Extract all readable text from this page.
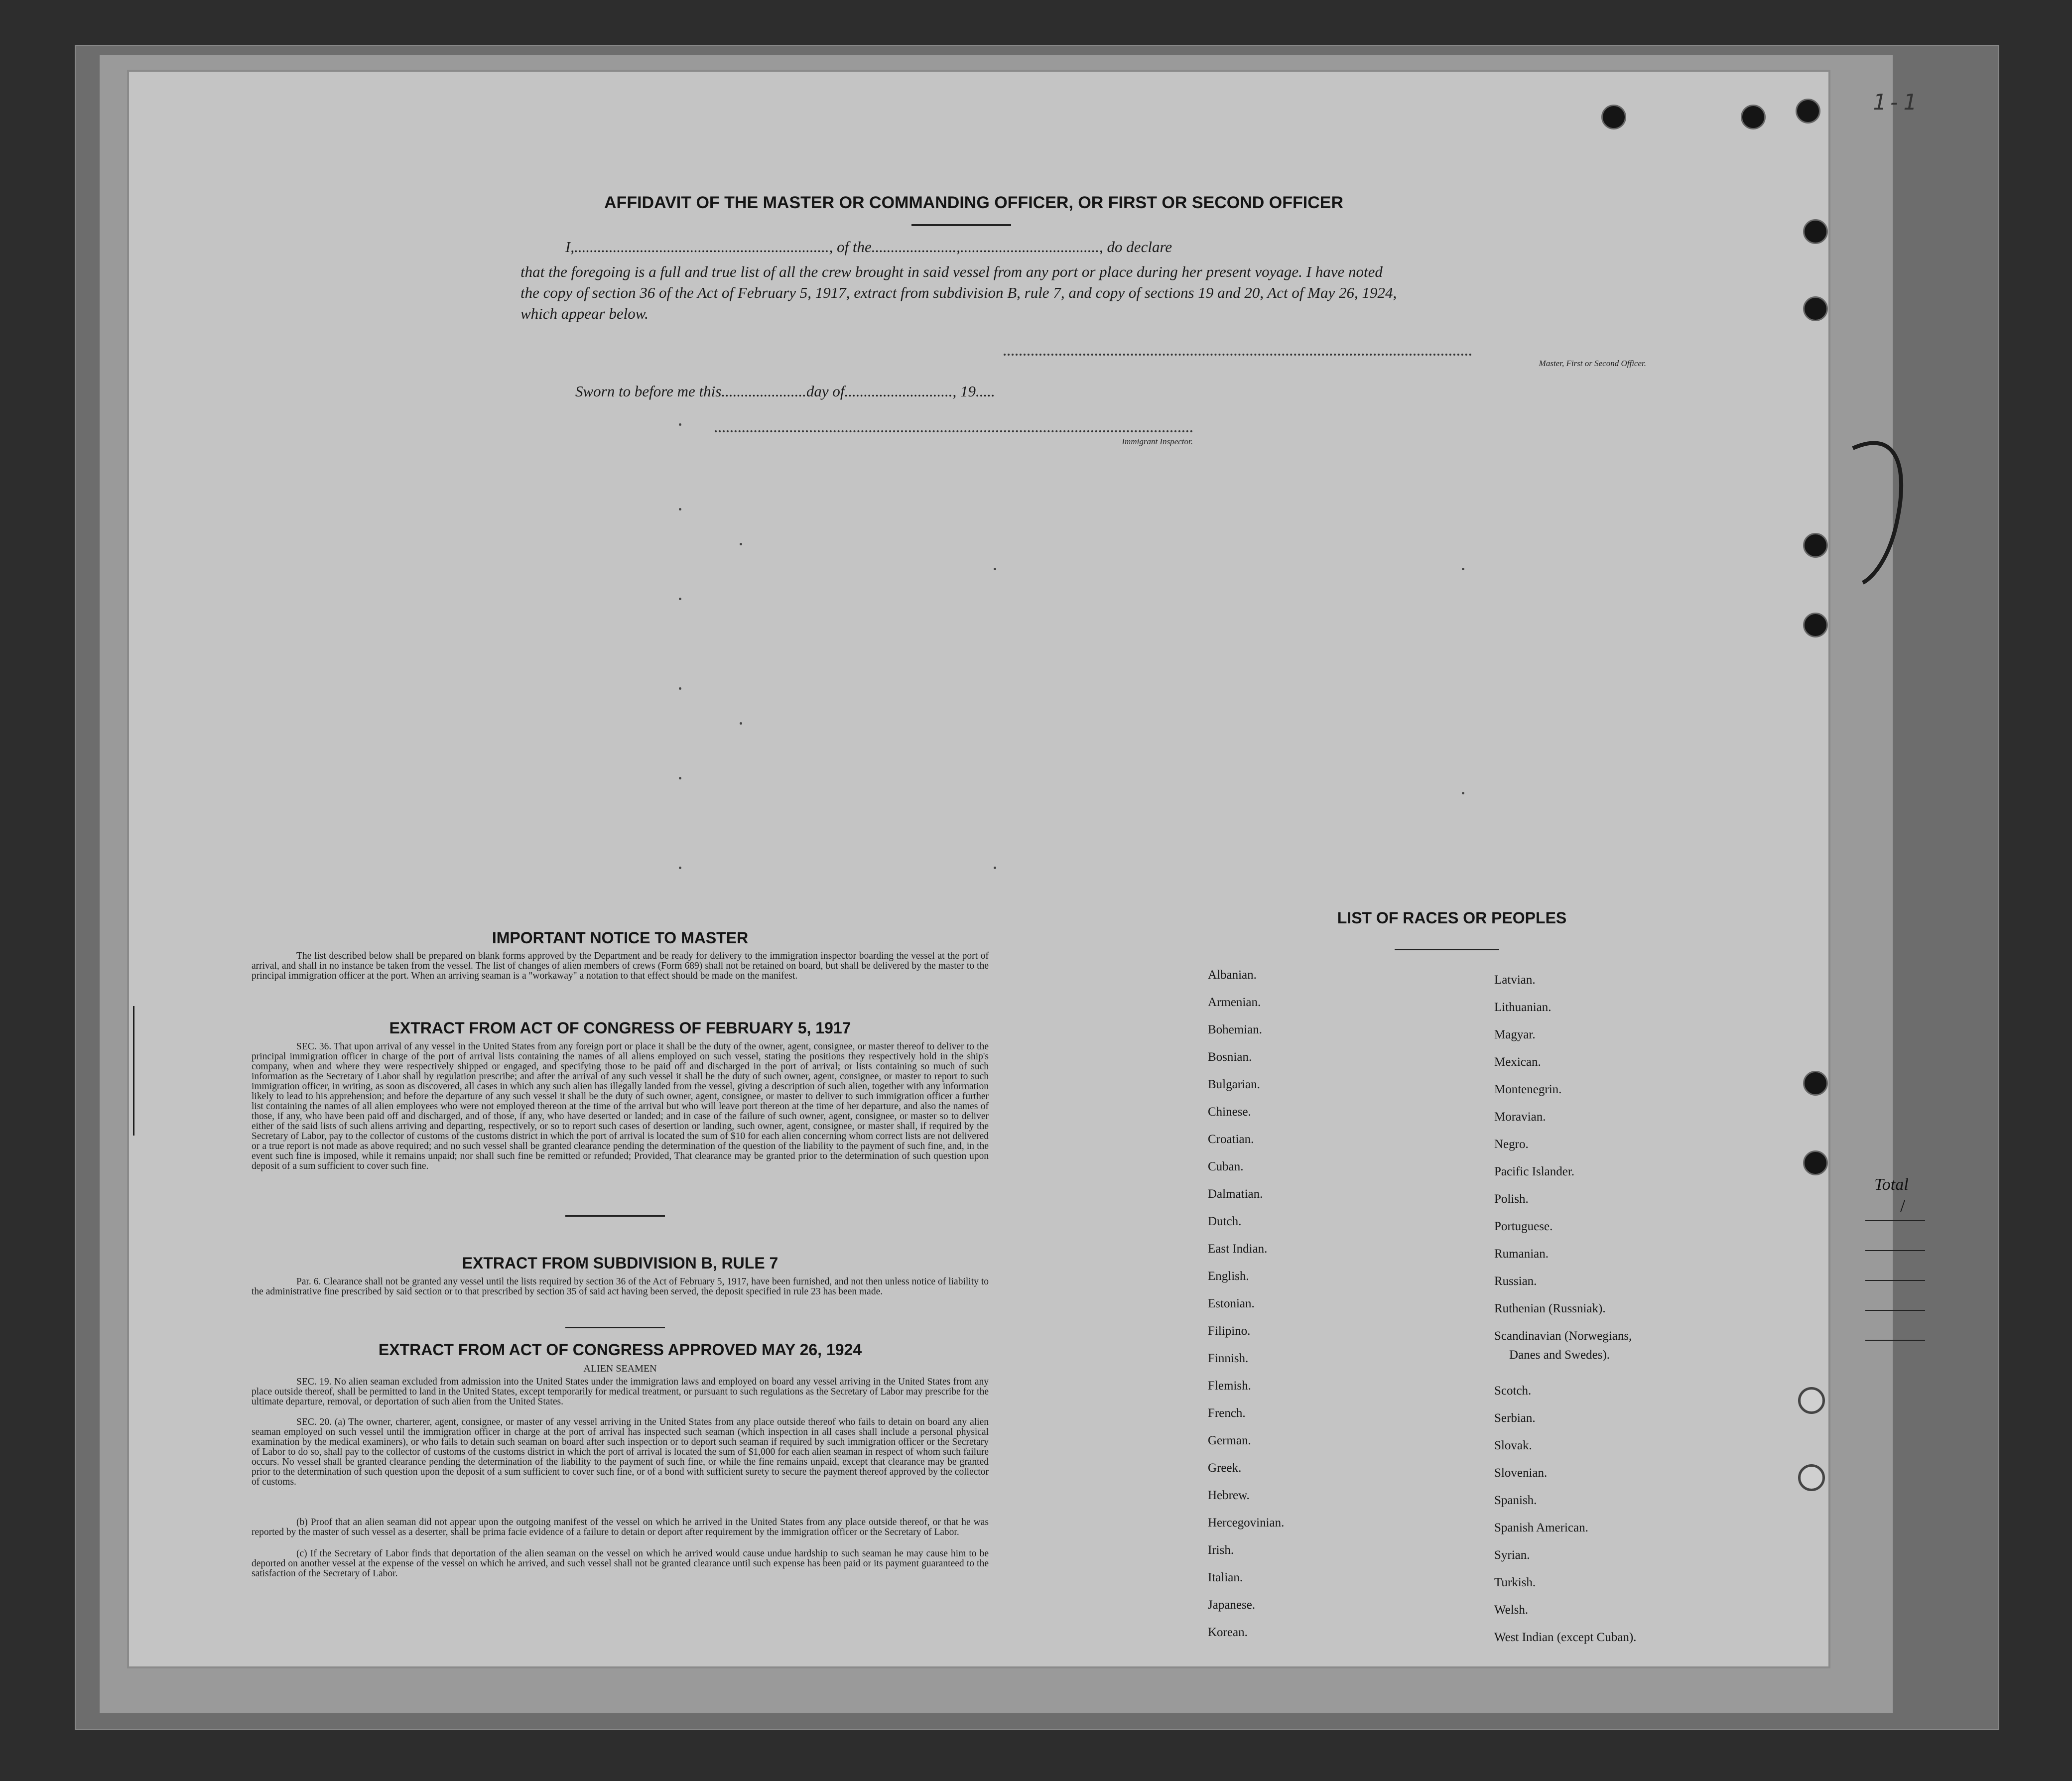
AFFIDAVIT OF THE MASTER OR COMMANDING OFFICER, OR FIRST OR SECOND OFFICER
I,.................................................................., of the......................,...................................., do declare
that the foregoing is a full and true list of all the crew brought in said vessel from any port or place during her present voyage. I have noted
the copy of section 36 of the Act of February 5, 1917, extract from subdivision B, rule 7, and copy of sections 19 and 20, Act of May 26, 1924,
which appear below.
Master, First or Second Officer.
Sworn to before me this......................day of............................, 19.....
Immigrant Inspector.
IMPORTANT NOTICE TO MASTER
The list described below shall be prepared on blank forms approved by the Department and be ready for delivery to the immigration inspector boarding the vessel at the port of arrival, and shall in no instance be taken from the vessel. The list of changes of alien members of crews (Form 689) shall not be retained on board, but shall be delivered by the master to the principal immigration officer at the port. When an arriving seaman is a "workaway" a notation to that effect should be made on the manifest.
EXTRACT FROM ACT OF CONGRESS OF FEBRUARY 5, 1917
SEC. 36. That upon arrival of any vessel in the United States from any foreign port or place it shall be the duty of the owner, agent, consignee, or master thereof to deliver to the principal immigration officer in charge of the port of arrival lists containing the names of all aliens employed on such vessel, stating the positions they respectively hold in the ship's company, when and where they were respectively shipped or engaged, and specifying those to be paid off and discharged in the port of arrival; or lists containing so much of such information as the Secretary of Labor shall by regulation prescribe; and after the arrival of any such vessel it shall be the duty of such owner, agent, consignee, or master to report to such immigration officer, in writing, as soon as discovered, all cases in which any such alien has illegally landed from the vessel, giving a description of such alien, together with any information likely to lead to his apprehension; and before the departure of any such vessel it shall be the duty of such owner, agent, consignee, or master to deliver to such immigration officer a further list containing the names of all alien employees who were not employed thereon at the time of the arrival but who will leave port thereon at the time of her departure, and also the names of those, if any, who have been paid off and discharged, and of those, if any, who have deserted or landed; and in case of the failure of such owner, agent, consignee, or master so to deliver either of the said lists of such aliens arriving and departing, respectively, or so to report such cases of desertion or landing, such owner, agent, consignee, or master shall, if required by the Secretary of Labor, pay to the collector of customs of the customs district in which the port of arrival is located the sum of $10 for each alien concerning whom correct lists are not delivered or a true report is not made as above required; and no such vessel shall be granted clearance pending the determination of the question of the liability to the payment of such fine, and, in the event such fine is imposed, while it remains unpaid; nor shall such fine be remitted or refunded; Provided, That clearance may be granted prior to the determination of such question upon deposit of a sum sufficient to cover such fine.
EXTRACT FROM SUBDIVISION B, RULE 7
Par. 6. Clearance shall not be granted any vessel until the lists required by section 36 of the Act of February 5, 1917, have been furnished, and not then unless notice of liability to the administrative fine prescribed by said section or to that prescribed by section 35 of said act having been served, the deposit specified in rule 23 has been made.
EXTRACT FROM ACT OF CONGRESS APPROVED MAY 26, 1924
ALIEN SEAMEN
SEC. 19. No alien seaman excluded from admission into the United States under the immigration laws and employed on board any vessel arriving in the United States from any place outside thereof, shall be permitted to land in the United States, except temporarily for medical treatment, or pursuant to such regulations as the Secretary of Labor may prescribe for the ultimate departure, removal, or deportation of such alien from the United States.
SEC. 20. (a) The owner, charterer, agent, consignee, or master of any vessel arriving in the United States from any place outside thereof who fails to detain on board any alien seaman employed on such vessel until the immigration officer in charge at the port of arrival has inspected such seaman (which inspection in all cases shall include a personal physical examination by the medical examiners), or who fails to detain such seaman on board after such inspection or to deport such seaman if required by such immigration officer or the Secretary of Labor to do so, shall pay to the collector of customs of the customs district in which the port of arrival is located the sum of $1,000 for each alien seaman in respect of whom such failure occurs. No vessel shall be granted clearance pending the determination of the liability to the payment of such fine, or while the fine remains unpaid, except that clearance may be granted prior to the determination of such question upon the deposit of a sum sufficient to cover such fine, or of a bond with sufficient surety to secure the payment thereof approved by the collector of customs.
(b) Proof that an alien seaman did not appear upon the outgoing manifest of the vessel on which he arrived in the United States from any place outside thereof, or that he was reported by the master of such vessel as a deserter, shall be prima facie evidence of a failure to detain or deport after requirement by the immigration officer or the Secretary of Labor.
(c) If the Secretary of Labor finds that deportation of the alien seaman on the vessel on which he arrived would cause undue hardship to such seaman he may cause him to be deported on another vessel at the expense of the vessel on which he arrived, and such vessel shall not be granted clearance until such expense has been paid or its payment guaranteed to the satisfaction of the Secretary of Labor.
LIST OF RACES OR PEOPLES
Albanian.
Armenian.
Bohemian.
Bosnian.
Bulgarian.
Chinese.
Croatian.
Cuban.
Dalmatian.
Dutch.
East Indian.
English.
Estonian.
Filipino.
Finnish.
Flemish.
French.
German.
Greek.
Hebrew.
Hercegovinian.
Irish.
Italian.
Japanese.
Korean.
Latvian.
Lithuanian.
Magyar.
Mexican.
Montenegrin.
Moravian.
Negro.
Pacific Islander.
Polish.
Portuguese.
Rumanian.
Russian.
Ruthenian (Russniak).
Scandinavian (Norwegians,
Danes and Swedes).
Scotch.
Serbian.
Slovak.
Slovenian.
Spanish.
Spanish American.
Syrian.
Turkish.
Welsh.
West Indian (except Cuban).
Total
/
1-1
